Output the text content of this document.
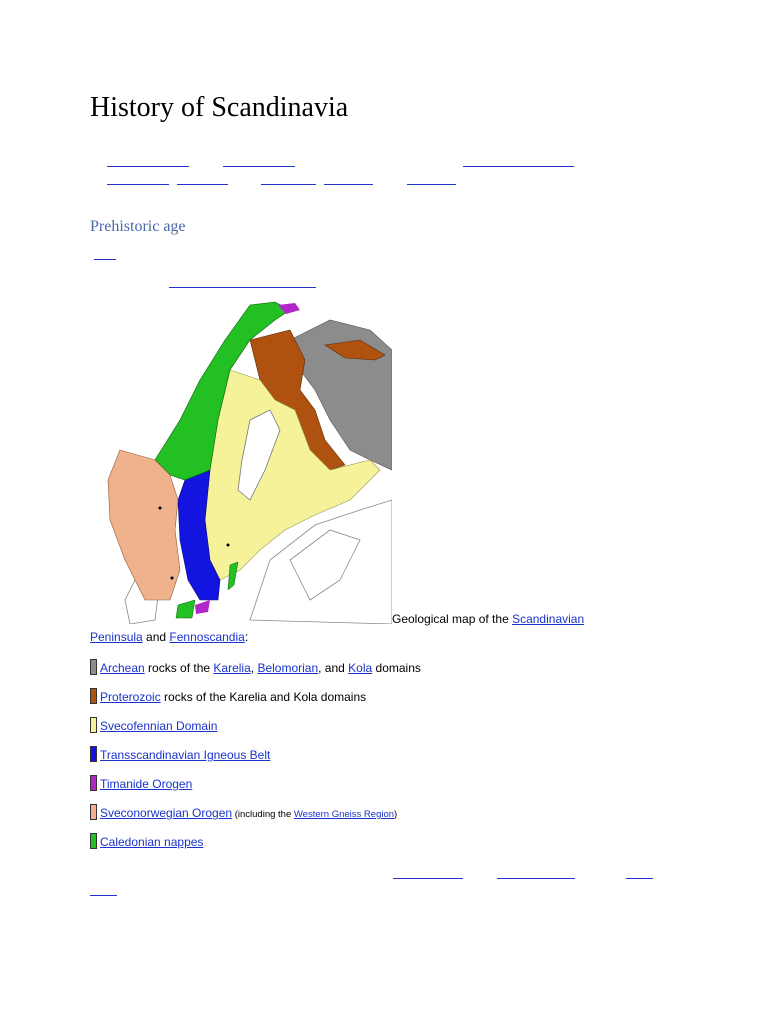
History of Scandinavia
Prehistoric age
Geological map of the Scandinavian
Peninsula and Fennoscandia:
Archean rocks of the Karelia, Belomorian, and Kola domains
Proterozoic rocks of the Karelia and Kola domains
Svecofennian Domain
Transscandinavian Igneous Belt
Timanide Orogen
Sveconorwegian Orogen (including the Western Gneiss Region)
Caledonian nappes
